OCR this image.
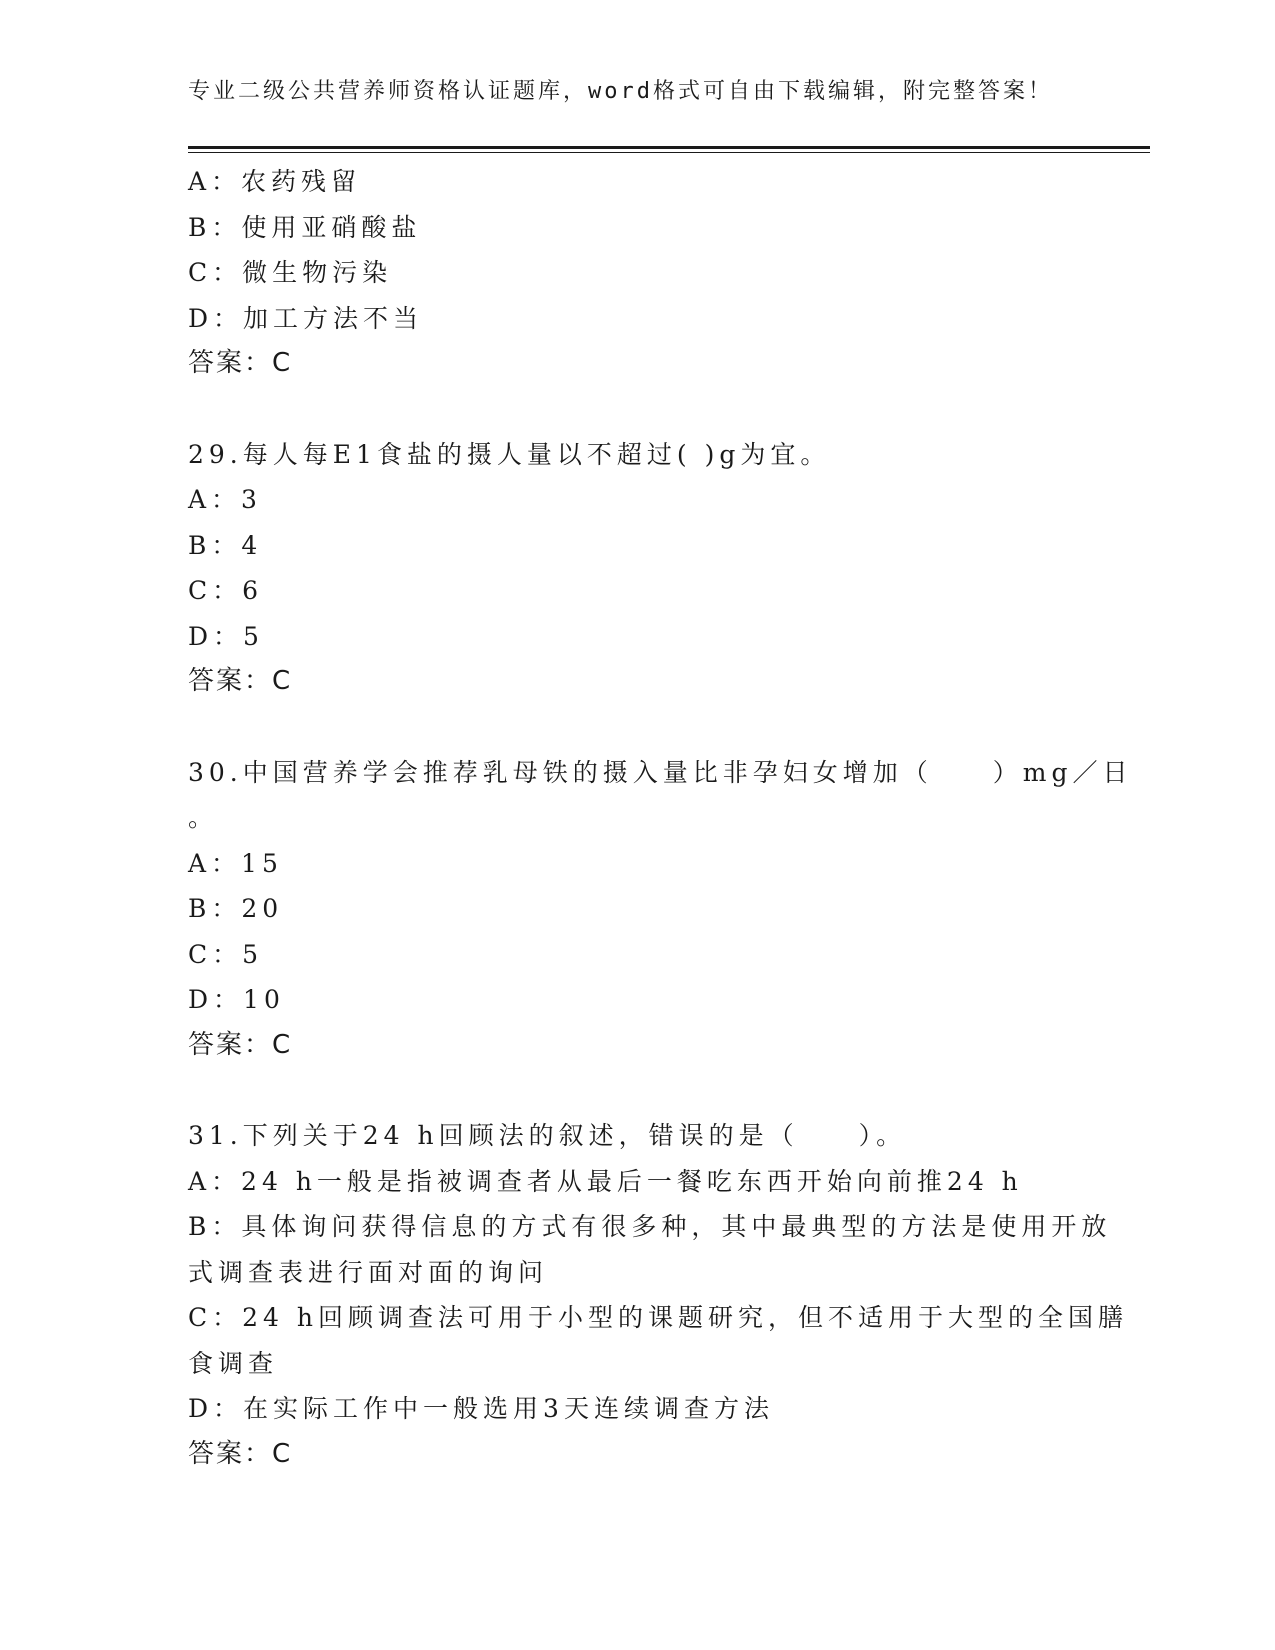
专业二级公共营养师资格认证题库，word格式可自由下载编辑，附完整答案！
A：农药残留
B：使用亚硝酸盐
C：微生物污染
D：加工方法不当
答案：C
29.每人每E1食盐的摄人量以不超过( )g为宜。
A：3
B：4
C：6
D：5
答案：C
30.中国营养学会推荐乳母铁的摄入量比非孕妇女增加（　　）mg／日
。
A：15
B：20
C：5
D：10
答案：C
31.下列关于24 h回顾法的叙述，错误的是（　　）。
A：24 h一般是指被调查者从最后一餐吃东西开始向前推24 h
B：具体询问获得信息的方式有很多种，其中最典型的方法是使用开放
式调查表进行面对面的询问
C：24 h回顾调查法可用于小型的课题研究，但不适用于大型的全国膳
食调查
D：在实际工作中一般选用3天连续调查方法
答案：C
